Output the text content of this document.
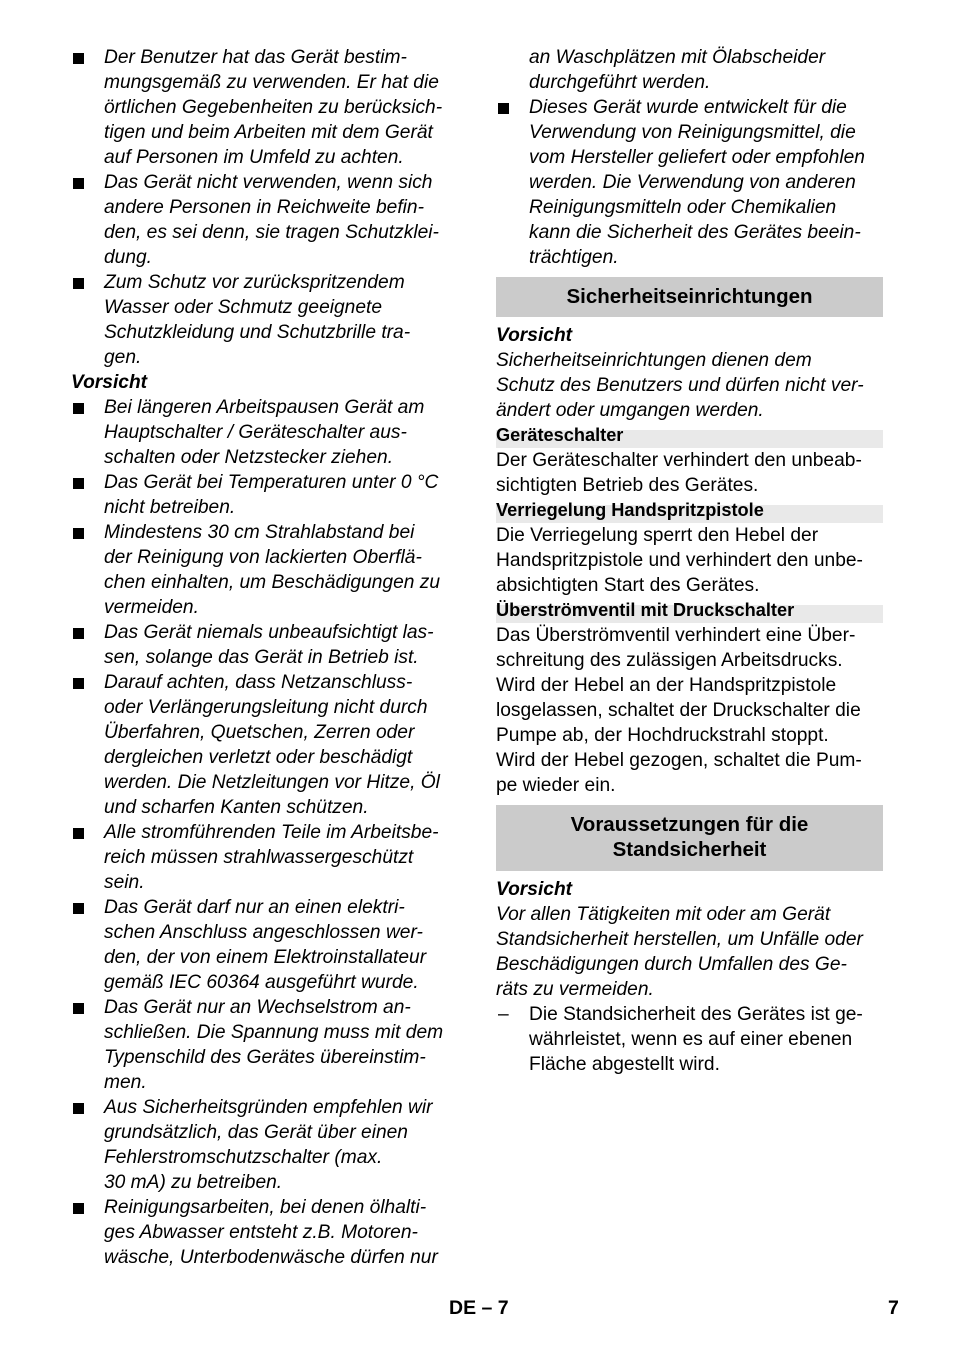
Der Benutzer hat das Gerät bestim-
mungsgemäß zu verwenden. Er hat die
örtlichen Gegebenheiten zu berücksich-
tigen und beim Arbeiten mit dem Gerät
auf Personen im Umfeld zu achten.
Das Gerät nicht verwenden, wenn sich
andere Personen in Reichweite befin-
den, es sei denn, sie tragen Schutzklei-
dung.
Zum Schutz vor zurückspritzendem
Wasser oder Schmutz geeignete
Schutzkleidung und Schutzbrille tra-
gen.
Vorsicht
Bei längeren Arbeitspausen Gerät am
Hauptschalter / Geräteschalter aus-
schalten oder Netzstecker ziehen.
Das Gerät bei Temperaturen unter 0 °C
nicht betreiben.
Mindestens 30 cm Strahlabstand bei
der Reinigung von lackierten Oberflä-
chen einhalten, um Beschädigungen zu
vermeiden.
Das Gerät niemals unbeaufsichtigt las-
sen, solange das Gerät in Betrieb ist.
Darauf achten, dass Netzanschluss-
oder Verlängerungsleitung nicht durch
Überfahren, Quetschen, Zerren oder
dergleichen verletzt oder beschädigt
werden. Die Netzleitungen vor Hitze, Öl
und scharfen Kanten schützen.
Alle stromführenden Teile im Arbeitsbe-
reich müssen strahlwassergeschützt
sein.
Das Gerät darf nur an einen elektri-
schen Anschluss angeschlossen wer-
den, der von einem Elektroinstallateur
gemäß IEC 60364 ausgeführt wurde.
Das Gerät nur an Wechselstrom an-
schließen. Die Spannung muss mit dem
Typenschild des Gerätes übereinstim-
men.
Aus Sicherheitsgründen empfehlen wir
grundsätzlich, das Gerät über einen
Fehlerstromschutzschalter (max.
30 mA) zu betreiben.
Reinigungsarbeiten, bei denen ölhalti-
ges Abwasser entsteht z.B. Motoren-
wäsche, Unterbodenwäsche dürfen nur
an Waschplätzen mit Ölabscheider
durchgeführt werden.
Dieses Gerät wurde entwickelt für die
Verwendung von Reinigungsmittel, die
vom Hersteller geliefert oder empfohlen
werden. Die Verwendung von anderen
Reinigungsmitteln oder Chemikalien
kann die Sicherheit des Gerätes beein-
trächtigen.
Sicherheitseinrichtungen
Vorsicht
Sicherheitseinrichtungen dienen dem
Schutz des Benutzers und dürfen nicht ver-
ändert oder umgangen werden.
Geräteschalter
Der Geräteschalter verhindert den unbeab-
sichtigten Betrieb des Gerätes.
Verriegelung Handspritzpistole
Die Verriegelung sperrt den Hebel der
Handspritzpistole und verhindert den unbe-
absichtigten Start des Gerätes.
Überströmventil mit Druckschalter
Das Überströmventil verhindert eine Über-
schreitung des zulässigen Arbeitsdrucks.
Wird der Hebel an der Handspritzpistole
losgelassen, schaltet der Druckschalter die
Pumpe ab, der Hochdruckstrahl stoppt.
Wird der Hebel gezogen, schaltet die Pum-
pe wieder ein.
Voraussetzungen für die
Standsicherheit
Vorsicht
Vor allen Tätigkeiten mit oder am Gerät
Standsicherheit herstellen, um Unfälle oder
Beschädigungen durch Umfallen des Ge-
räts zu vermeiden.
– Die Standsicherheit des Gerätes ist ge-
währleistet, wenn es auf einer ebenen
Fläche abgestellt wird.
DE – 7	7
